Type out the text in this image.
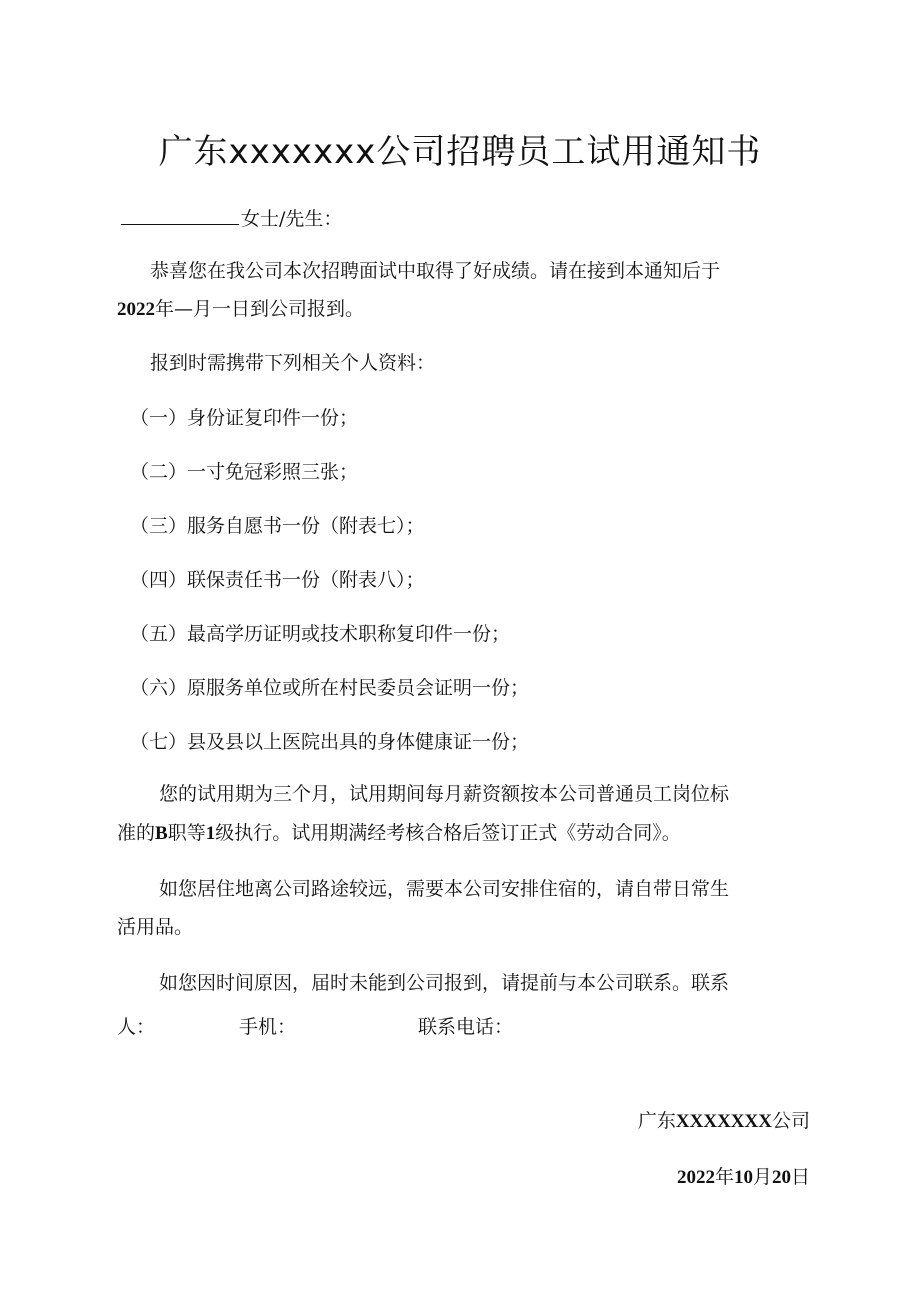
广东xxxxxxx公司招聘员工试用通知书
女士/先生：
恭喜您在我公司本次招聘面试中取得了好成绩。请在接到本通知后于
2022年—月一日到公司报到。
报到时需携带下列相关个人资料：
（一）身份证复印件一份；
（二）一寸免冠彩照三张；
（三）服务自愿书一份（附表七）；
（四）联保责任书一份（附表八）；
（五）最高学历证明或技术职称复印件一份；
（六）原服务单位或所在村民委员会证明一份；
（七）县及县以上医院出具的身体健康证一份；
您的试用期为三个月，试用期间每月薪资额按本公司普通员工岗位标
准的B职等1级执行。试用期满经考核合格后签订正式《劳动合同》。
如您居住地离公司路途较远，需要本公司安排住宿的，请自带日常生
活用品。
如您因时间原因，届时未能到公司报到，请提前与本公司联系。联系
人：	手机：	联系电话：
广东XXXXXXX公司
2022年10月20日
